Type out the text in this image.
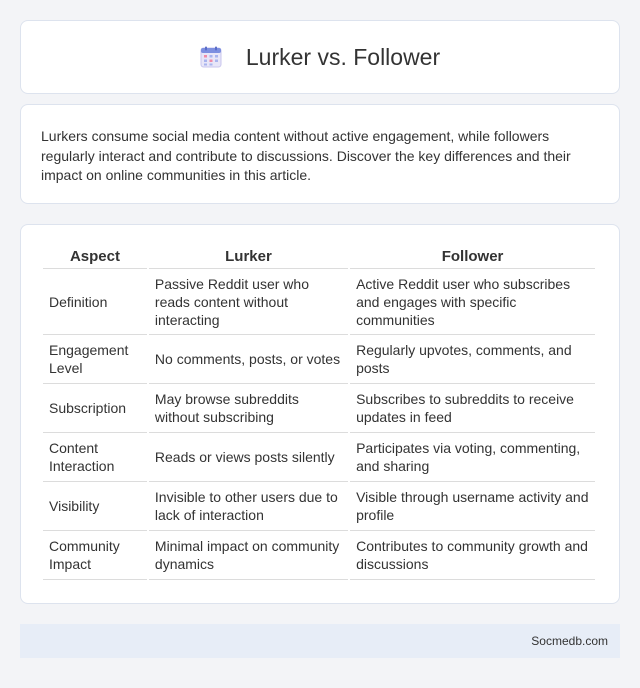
Lurker vs. Follower

Lurkers consume social media content without active engagement, while followers regularly interact and contribute to discussions. Discover the key differences and their impact on online communities in this article.

Aspect	Lurker	Follower
Definition	Passive Reddit user who reads content without interacting	Active Reddit user who subscribes and engages with specific communities
Engagement Level	No comments, posts, or votes	Regularly upvotes, comments, and posts
Subscription	May browse subreddits without subscribing	Subscribes to subreddits to receive updates in feed
Content Interaction	Reads or views posts silently	Participates via voting, commenting, and sharing
Visibility	Invisible to other users due to lack of interaction	Visible through username activity and profile
Community Impact	Minimal impact on community dynamics	Contributes to community growth and discussions
Socmedb.com
